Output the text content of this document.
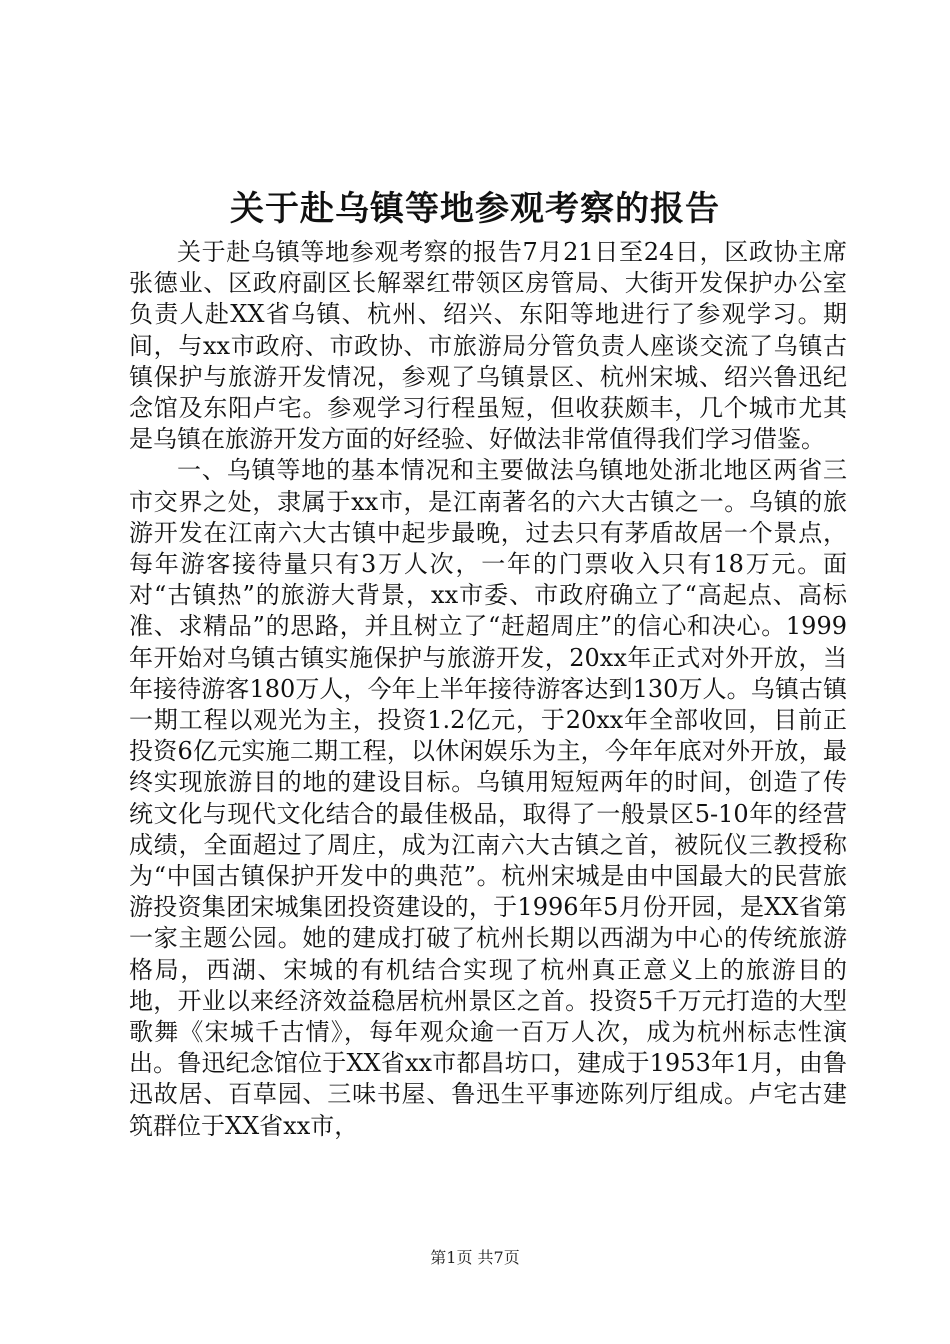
关于赴乌镇等地参观考察的报告

关于赴乌镇等地参观考察的报告7月21日至24日，区政协主席张德业、区政府副区长解翠红带领区房管局、大街开发保护办公室负责人赴XX省乌镇、杭州、绍兴、东阳等地进行了参观学习。期间，与xx市政府、市政协、市旅游局分管负责人座谈交流了乌镇古镇保护与旅游开发情况，参观了乌镇景区、杭州宋城、绍兴鲁迅纪念馆及东阳卢宅。参观学习行程虽短，但收获颇丰，几个城市尤其是乌镇在旅游开发方面的好经验、好做法非常值得我们学习借鉴。

一、乌镇等地的基本情况和主要做法乌镇地处浙北地区两省三市交界之处，隶属于xx市，是江南著名的六大古镇之一。乌镇的旅游开发在江南六大古镇中起步最晚，过去只有茅盾故居一个景点，每年游客接待量只有3万人次，一年的门票收入只有18万元。面对“古镇热”的旅游大背景，xx市委、市政府确立了“高起点、高标准、求精品”的思路，并且树立了“赶超周庄”的信心和决心。1999年开始对乌镇古镇实施保护与旅游开发，20xx年正式对外开放，当年接待游客180万人，今年上半年接待游客达到130万人。乌镇古镇一期工程以观光为主，投资1.2亿元，于20xx年全部收回，目前正投资6亿元实施二期工程，以休闲娱乐为主，今年年底对外开放，最终实现旅游目的地的建设目标。乌镇用短短两年的时间，创造了传统文化与现代文化结合的最佳极品，取得了一般景区5-10年的经营成绩，全面超过了周庄，成为江南六大古镇之首，被阮仪三教授称为“中国古镇保护开发中的典范”。杭州宋城是由中国最大的民营旅游投资集团宋城集团投资建设的，于1996年5月份开园，是XX省第一家主题公园。她的建成打破了杭州长期以西湖为中心的传统旅游格局，西湖、宋城的有机结合实现了杭州真正意义上的旅游目的地，开业以来经济效益稳居杭州景区之首。投资5千万元打造的大型歌舞《宋城千古情》，每年观众逾一百万人次，成为杭州标志性演出。鲁迅纪念馆位于XX省xx市都昌坊口，建成于1953年1月，由鲁迅故居、百草园、三味书屋、鲁迅生平事迹陈列厅组成。卢宅古建筑群位于XX省xx市，

第1页 共7页
